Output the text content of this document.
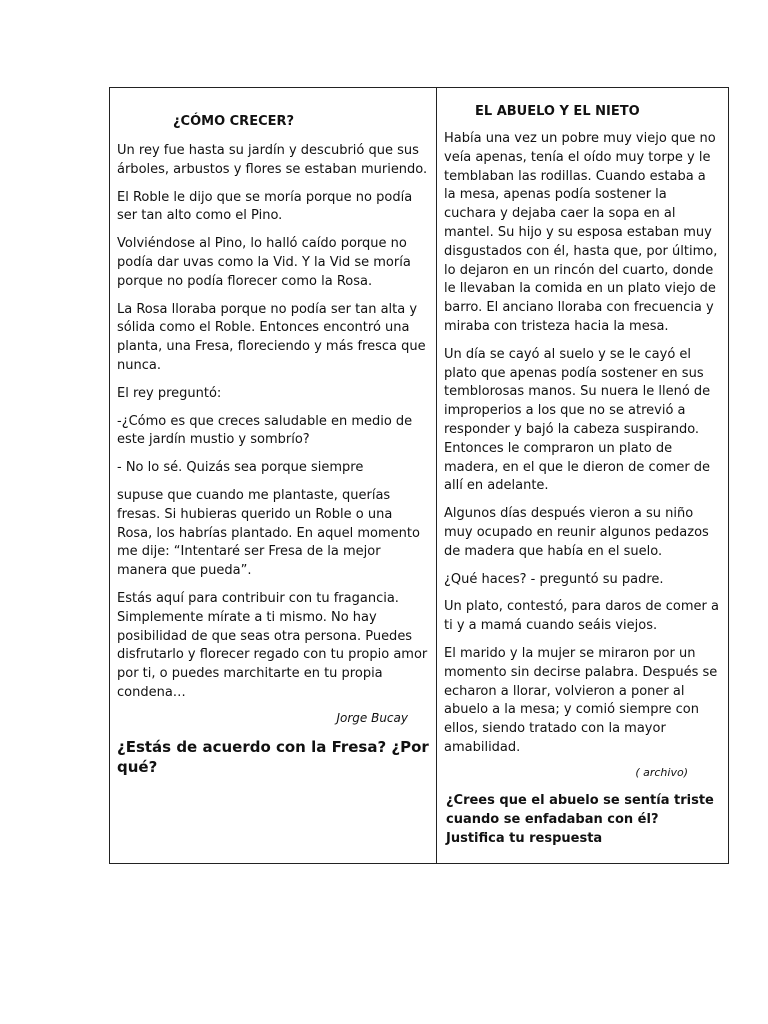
¿CÓMO CRECER?

Un rey fue hasta su jardín y descubrió que sus árboles, arbustos y flores se estaban muriendo.

El Roble le dijo que se moría porque no podía ser tan alto como el Pino.

Volviéndose al Pino, lo halló caído porque no podía dar uvas como la Vid. Y la Vid se moría porque no podía florecer como la Rosa.

La Rosa lloraba porque no podía ser tan alta y sólida como el Roble. Entonces encontró una planta, una Fresa, floreciendo y más fresca que nunca.

El rey preguntó:

-¿Cómo es que creces saludable en medio de este jardín mustio y sombrío?

- No lo sé. Quizás sea porque siempre

supuse que cuando me plantaste, querías fresas. Si hubieras querido un Roble o una Rosa, los habrías plantado. En aquel momento me dije: “Intentaré ser Fresa de la mejor manera que pueda”.

Estás aquí para contribuir con tu fragancia. Simplemente mírate a ti mismo. No hay posibilidad de que seas otra persona. Puedes disfrutarlo y florecer regado con tu propio amor por ti, o puedes marchitarte en tu propia condena…

Jorge Bucay
¿Estás de acuerdo con la Fresa? ¿Por qué?
EL ABUELO Y EL NIETO

Había una vez un pobre muy viejo que no veía apenas, tenía el oído muy torpe y le temblaban las rodillas. Cuando estaba a la mesa, apenas podía sostener la cuchara y dejaba caer la sopa en al mantel. Su hijo y su esposa estaban muy disgustados con él, hasta que, por último, lo dejaron en un rincón del cuarto, donde le llevaban la comida en un plato viejo de barro. El anciano lloraba con frecuencia y miraba con tristeza hacia la mesa.

Un día se cayó al suelo y se le cayó el plato que apenas podía sostener en sus temblorosas manos. Su nuera le llenó de improperios a los que no se atrevió a responder y bajó la cabeza suspirando. Entonces le compraron un plato de madera, en el que le dieron de comer de allí en adelante.

Algunos días después vieron a su niño muy ocupado en reunir algunos pedazos de madera que había en el suelo.

¿Qué haces? - preguntó su padre.

Un plato, contestó, para daros de comer a ti y a mamá cuando seáis viejos.

El marido y la mujer se miraron por un momento sin decirse palabra. Después se echaron a llorar, volvieron a poner al abuelo a la mesa; y comió siempre con ellos, siendo tratado con la mayor amabilidad.

( archivo)
¿Crees que el abuelo se sentía triste cuando se enfadaban con él? Justifica tu respuesta
